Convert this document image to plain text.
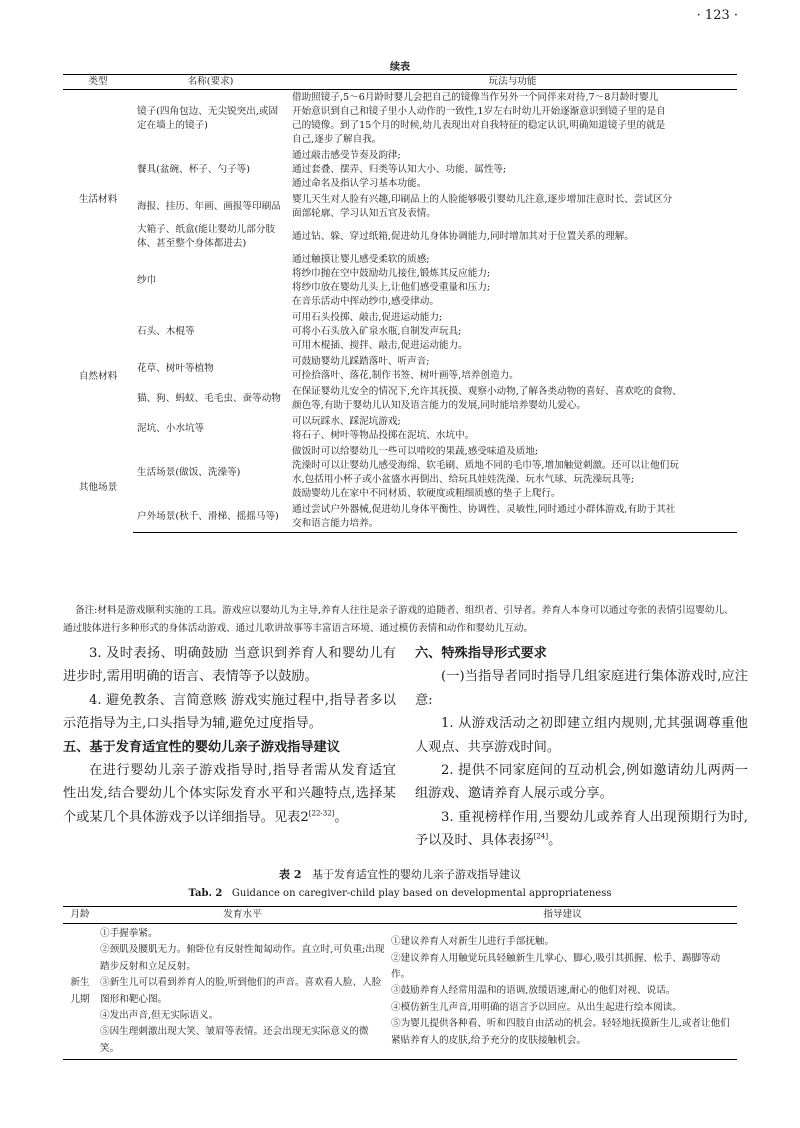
· 123 ·
续表
类型	名称(要求)	玩法与功能
生活材料	镜子(四角包边、无尖锐突出,或固定在墙上的镜子)	借助照镜子,5～6月龄时婴儿会把自己的镜像当作另外一个同伴来对待,7～8月龄时婴儿
开始意识到自己和镜子里小人动作的一致性,1岁左右时幼儿开始逐渐意识到镜子里的是自
己的镜像。到了15个月的时候,幼儿表现出对自我特征的稳定认识,明确知道镜子里的就是
自己,逐步了解自我。

	餐具(盆碗、杯子、勺子等)	通过敲击感受节奏及韵律;
通过套叠、摆弄、归类等认知大小、功能、属性等;
通过命名及指认学习基本功能。

	海报、挂历、年画、画报等印刷品	婴儿天生对人脸有兴趣,印刷品上的人脸能够吸引婴幼儿注意,逐步增加注意时长、尝试区分
面部轮廓、学习认知五官及表情。

	大箱子、纸盒(能让婴幼儿部分肢体、甚至整个身体都进去)	通过钻、躲、穿过纸箱,促进幼儿身体协调能力,同时增加其对于位置关系的理解。

	纱巾	通过触摸让婴儿感受柔软的质感;
将纱巾抛在空中鼓励幼儿接住,锻炼其反应能力;
将纱巾放在婴幼儿头上,让他们感受重量和压力;
在音乐活动中挥动纱巾,感受律动。

自然材料	石头、木棍等	可用石头投掷、敲击,促进运动能力;
可将小石头放入矿泉水瓶,自制发声玩具;
可用木棍插、搅拌、敲击,促进运动能力。

	花草、树叶等植物	可鼓励婴幼儿踩踏落叶、听声音;
可捡拾落叶、落花,制作书签、树叶画等,培养创造力。

	猫、狗、蚂蚁、毛毛虫、蚕等动物	在保证婴幼儿安全的情况下,允许其抚摸、观察小动物,了解各类动物的喜好、喜欢吃的食物、
颜色等,有助于婴幼儿认知及语言能力的发展,同时能培养婴幼儿爱心。

	泥坑、小水坑等	可以玩踩水、踩泥坑游戏;
将石子、树叶等物品投掷在泥坑、水坑中。

其他场景	生活场景(做饭、洗澡等)	做饭时可以给婴幼儿一些可以啃咬的果蔬,感受味道及质地;
洗澡时可以让婴幼儿感受海绵、软毛刷、质地不同的毛巾等,增加触觉刺激。还可以让他们玩
水,包括用小杯子或小盆盛水再倒出、给玩具娃娃洗澡、玩水气球、玩洗澡玩具等;
鼓励婴幼儿在家中不同材质、软硬度或粗细质感的垫子上爬行。

	户外场景(秋千、滑梯、摇摇马等)	通过尝试户外器械,促进幼儿身体平衡性、协调性、灵敏性,同时通过小群体游戏,有助于其社
交和语言能力培养。
备注:材料是游戏顺利实施的工具。游戏应以婴幼儿为主导,养育人往往是亲子游戏的追随者、组织者、引导者。养育人本身可以通过夸张的表情引逗婴幼儿、通过肢体进行多种形式的身体活动游戏、通过儿歌讲故事等丰富语言环境、通过模仿表情和动作和婴幼儿互动。

3. 及时表扬、明确鼓励 当意识到养育人和婴幼儿有进步时,需用明确的语言、表情等予以鼓励。

4. 避免教条、言简意赅 游戏实施过程中,指导者多以示范指导为主,口头指导为辅,避免过度指导。

五、基于发育适宜性的婴幼儿亲子游戏指导建议

在进行婴幼儿亲子游戏指导时,指导者需从发育适宜性出发,结合婴幼儿个体实际发育水平和兴趣特点,选择某个或某几个具体游戏予以详细指导。见表2[22-32]。

六、特殊指导形式要求

(一)当指导者同时指导几组家庭进行集体游戏时,应注意:

1. 从游戏活动之初即建立组内规则,尤其强调尊重他人观点、共享游戏时间。

2. 提供不同家庭间的互动机会,例如邀请幼儿两两一组游戏、邀请养育人展示或分享。

3. 重视榜样作用,当婴幼儿或养育人出现预期行为时,予以及时、具体表扬[24]。

表 2 基于发育适宜性的婴幼儿亲子游戏指导建议
Tab. 2 Guidance on caregiver-child play based on developmental appropriateness
月龄	发育水平	指导建议
新生儿期	①手握拳紧。
②颈肌及腰肌无力。俯卧位有反射性匍匐动作。直立时,可负重;出现踏步反射和立足反射。
③新生儿可以看到养育人的脸,听到他们的声音。喜欢看人脸、人脸图形和靶心图。
④发出声音,但无实际语义。
⑤因生理刺激出现大笑、皱眉等表情。还会出现无实际意义的微笑。	①建议养育人对新生儿进行手部抚触。
②建议养育人用触觉玩具轻触新生儿掌心、脚心,吸引其抓握、松手、踢脚等动作。
③鼓励养育人经常用温和的语调,放缓语速,耐心的他们对视、说话。
④模仿新生儿声音,用明确的语言予以回应。从出生起进行绘本阅读。
⑤为婴儿提供各种看、听和四肢自由活动的机会。轻轻地抚摸新生儿,或者让他们紧贴养育人的皮肤,给予充分的皮肤接触机会。
